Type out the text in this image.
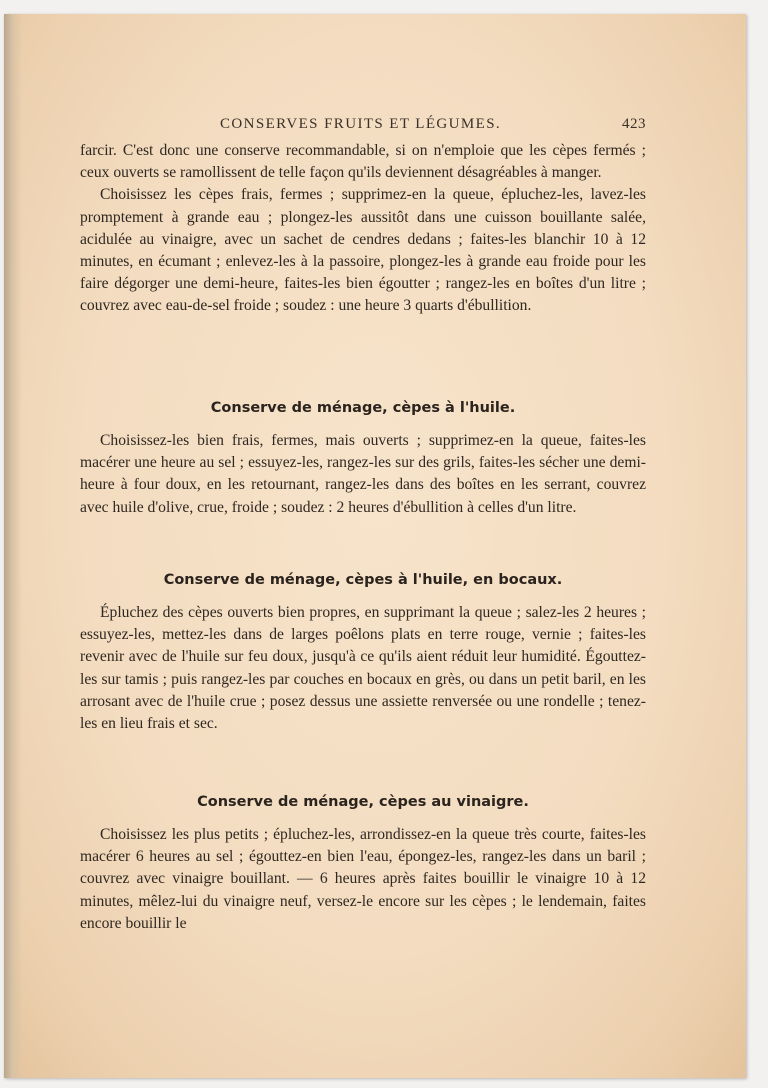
CONSERVES FRUITS ET LÉGUMES.	423

farcir. C'est donc une conserve recommandable, si on n'emploie que les cèpes fermés ; ceux ouverts se ramollissent de telle façon qu'ils deviennent désagréables à manger.

Choisissez les cèpes frais, fermes ; supprimez-en la queue, épluchez-les, lavez-les promptement à grande eau ; plongez-les aussitôt dans une cuisson bouillante salée, acidulée au vinaigre, avec un sachet de cendres dedans ; faites-les blanchir 10 à 12 minutes, en écumant ; enlevez-les à la passoire, plongez-les à grande eau froide pour les faire dégorger une demi-heure, faites-les bien égoutter ; rangez-les en boîtes d'un litre ; couvrez avec eau-de-sel froide ; soudez : une heure 3 quarts d'ébullition.

Conserve de ménage, cèpes à l'huile.

Choisissez-les bien frais, fermes, mais ouverts ; supprimez-en la queue, faites-les macérer une heure au sel ; essuyez-les, rangez-les sur des grils, faites-les sécher une demi-heure à four doux, en les retournant, rangez-les dans des boîtes en les serrant, couvrez avec huile d'olive, crue, froide ; soudez : 2 heures d'ébullition à celles d'un litre.

Conserve de ménage, cèpes à l'huile, en bocaux.

Épluchez des cèpes ouverts bien propres, en supprimant la queue ; salez-les 2 heures ; essuyez-les, mettez-les dans de larges poêlons plats en terre rouge, vernie ; faites-les revenir avec de l'huile sur feu doux, jusqu'à ce qu'ils aient réduit leur humidité. Égouttez-les sur tamis ; puis rangez-les par couches en bocaux en grès, ou dans un petit baril, en les arrosant avec de l'huile crue ; posez dessus une assiette renversée ou une rondelle ; tenez-les en lieu frais et sec.

Conserve de ménage, cèpes au vinaigre.

Choisissez les plus petits ; épluchez-les, arrondissez-en la queue très courte, faites-les macérer 6 heures au sel ; égouttez-en bien l'eau, épongez-les, rangez-les dans un baril ; couvrez avec vinaigre bouillant. — 6 heures après faites bouillir le vinaigre 10 à 12 minutes, mêlez-lui du vinaigre neuf, versez-le encore sur les cèpes ; le lendemain, faites encore bouillir le
